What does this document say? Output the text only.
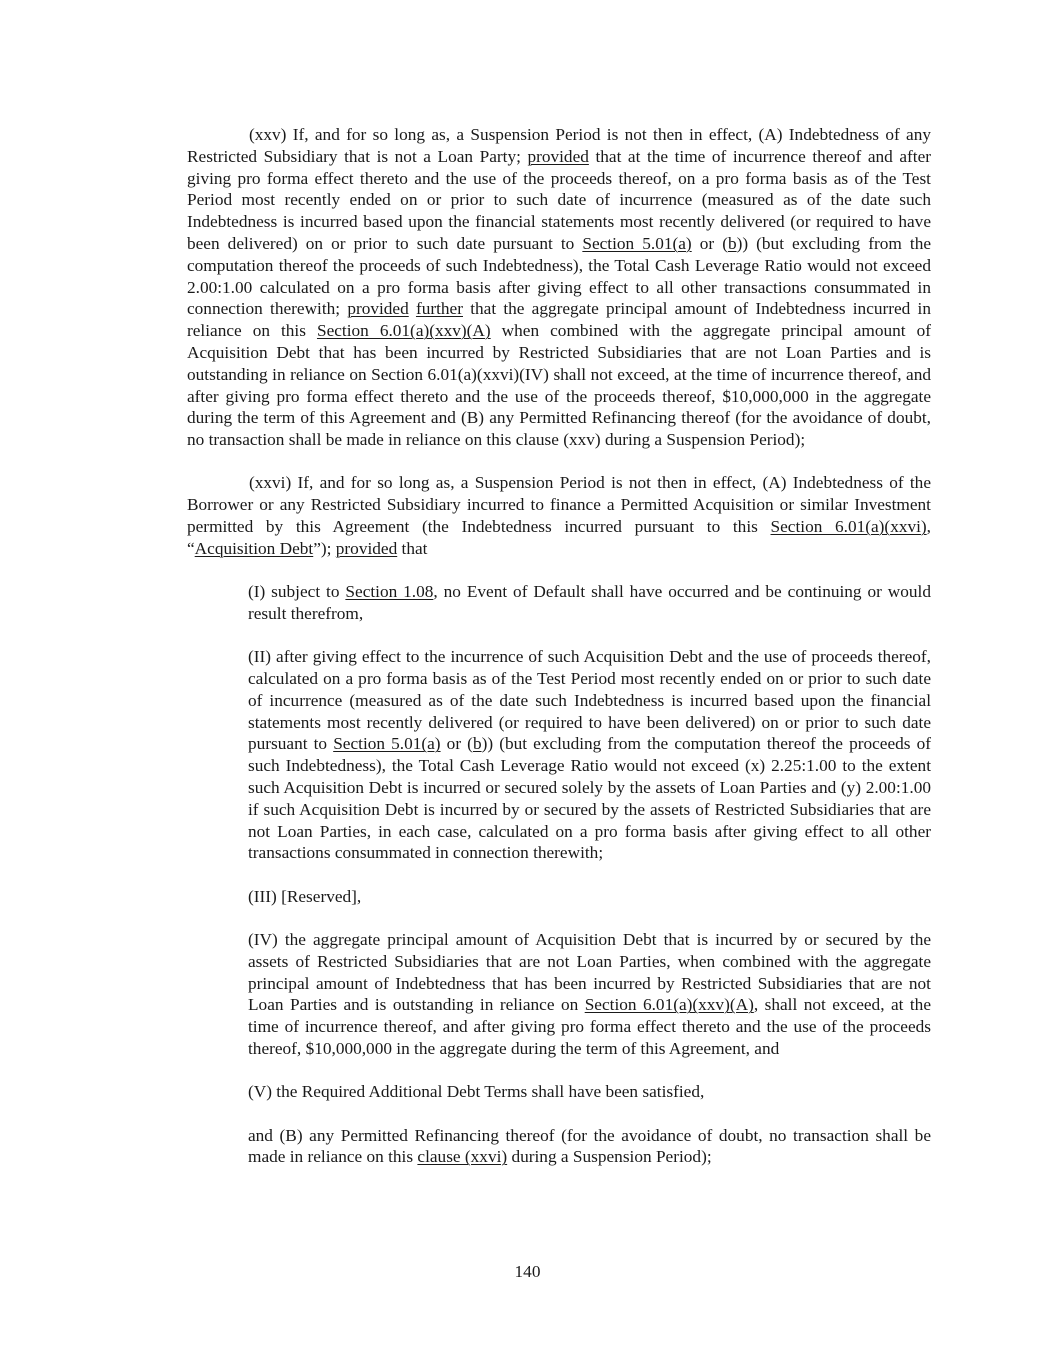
(xxv) If, and for so long as, a Suspension Period is not then in effect, (A) Indebtedness of any Restricted Subsidiary that is not a Loan Party; provided that at the time of incurrence thereof and after giving pro forma effect thereto and the use of the proceeds thereof, on a pro forma basis as of the Test Period most recently ended on or prior to such date of incurrence (measured as of the date such Indebtedness is incurred based upon the financial statements most recently delivered (or required to have been delivered) on or prior to such date pursuant to Section 5.01(a) or (b)) (but excluding from the computation thereof the proceeds of such Indebtedness), the Total Cash Leverage Ratio would not exceed 2.00:1.00 calculated on a pro forma basis after giving effect to all other transactions consummated in connection therewith; provided further that the aggregate principal amount of Indebtedness incurred in reliance on this Section 6.01(a)(xxv)(A) when combined with the aggregate principal amount of Acquisition Debt that has been incurred by Restricted Subsidiaries that are not Loan Parties and is outstanding in reliance on Section 6.01(a)(xxvi)(IV) shall not exceed, at the time of incurrence thereof, and after giving pro forma effect thereto and the use of the proceeds thereof, $10,000,000 in the aggregate during the term of this Agreement and (B) any Permitted Refinancing thereof (for the avoidance of doubt, no transaction shall be made in reliance on this clause (xxv) during a Suspension Period);

(xxvi) If, and for so long as, a Suspension Period is not then in effect, (A) Indebtedness of the Borrower or any Restricted Subsidiary incurred to finance a Permitted Acquisition or similar Investment permitted by this Agreement (the Indebtedness incurred pursuant to this Section 6.01(a)(xxvi), “Acquisition Debt”); provided that

(I) subject to Section 1.08, no Event of Default shall have occurred and be continuing or would result therefrom,

(II) after giving effect to the incurrence of such Acquisition Debt and the use of proceeds thereof, calculated on a pro forma basis as of the Test Period most recently ended on or prior to such date of incurrence (measured as of the date such Indebtedness is incurred based upon the financial statements most recently delivered (or required to have been delivered) on or prior to such date pursuant to Section 5.01(a) or (b)) (but excluding from the computation thereof the proceeds of such Indebtedness), the Total Cash Leverage Ratio would not exceed (x) 2.25:1.00 to the extent such Acquisition Debt is incurred or secured solely by the assets of Loan Parties and (y) 2.00:1.00 if such Acquisition Debt is incurred by or secured by the assets of Restricted Subsidiaries that are not Loan Parties, in each case, calculated on a pro forma basis after giving effect to all other transactions consummated in connection therewith;

(III) [Reserved],

(IV) the aggregate principal amount of Acquisition Debt that is incurred by or secured by the assets of Restricted Subsidiaries that are not Loan Parties, when combined with the aggregate principal amount of Indebtedness that has been incurred by Restricted Subsidiaries that are not Loan Parties and is outstanding in reliance on Section 6.01(a)(xxv)(A), shall not exceed, at the time of incurrence thereof, and after giving pro forma effect thereto and the use of the proceeds thereof, $10,000,000 in the aggregate during the term of this Agreement, and

(V) the Required Additional Debt Terms shall have been satisfied,

and (B) any Permitted Refinancing thereof (for the avoidance of doubt, no transaction shall be made in reliance on this clause (xxvi) during a Suspension Period);

140
